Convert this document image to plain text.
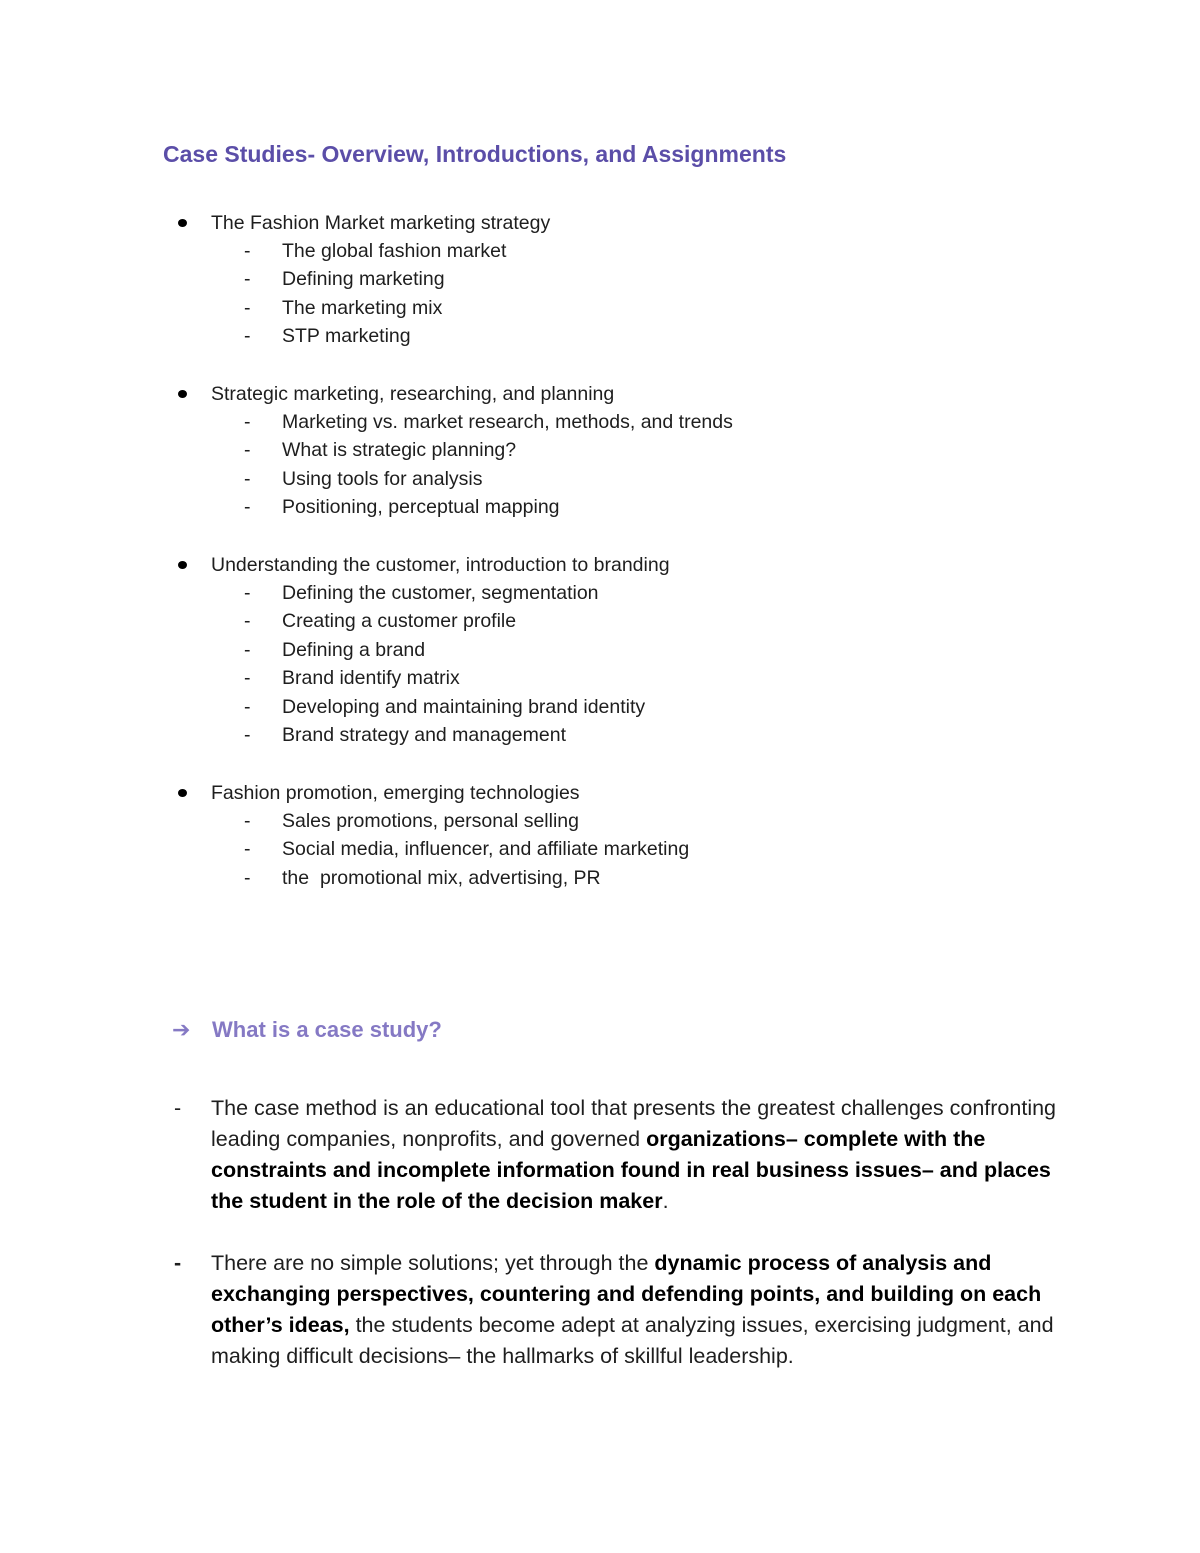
Case Studies- Overview, Introductions, and Assignments
The Fashion Market marketing strategy
- The global fashion market
- Defining marketing
- The marketing mix
- STP marketing
Strategic marketing, researching, and planning
- Marketing vs. market research, methods, and trends
- What is strategic planning?
- Using tools for analysis
- Positioning, perceptual mapping
Understanding the customer, introduction to branding
- Defining the customer, segmentation
- Creating a customer profile
- Defining a brand
- Brand identify matrix
- Developing and maintaining brand identity
- Brand strategy and management
Fashion promotion, emerging technologies
- Sales promotions, personal selling
- Social media, influencer, and affiliate marketing
- the  promotional mix, advertising, PR
➔ What is a case study?
- The case method is an educational tool that presents the greatest challenges confronting leading companies, nonprofits, and governed organizations– complete with the constraints and incomplete information found in real business issues– and places the student in the role of the decision maker.
- There are no simple solutions; yet through the dynamic process of analysis and exchanging perspectives, countering and defending points, and building on each other’s ideas, the students become adept at analyzing issues, exercising judgment, and making difficult decisions– the hallmarks of skillful leadership.
